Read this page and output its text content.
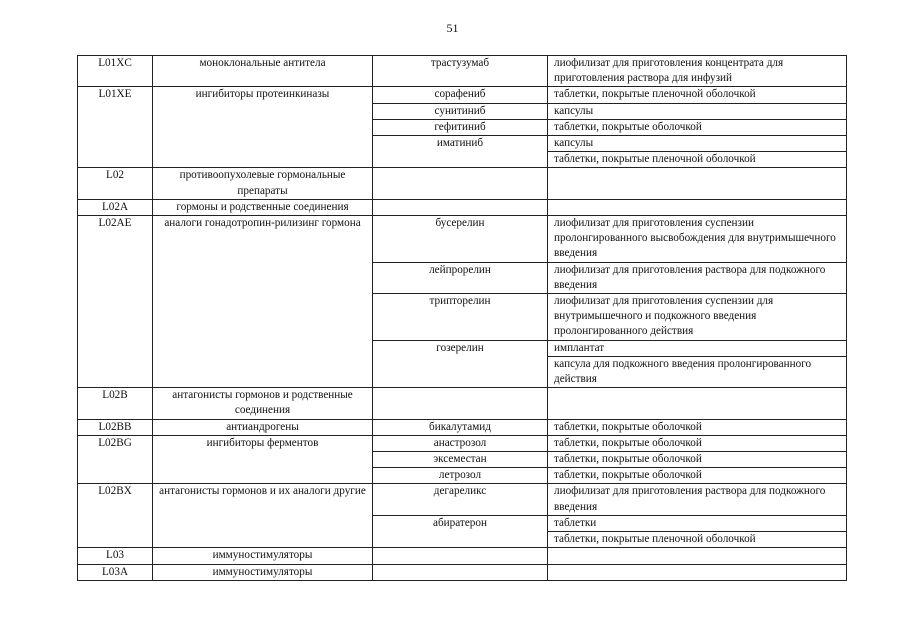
51
L01XC	моноклональные антитела	трастузумаб	лиофилизат для приготовления концентрата для приготовления раствора для инфузий
L01XE	ингибиторы протеинкиназы	сорафениб	таблетки, покрытые пленочной оболочкой
		сунитиниб	капсулы
		гефитиниб	таблетки, покрытые оболочкой
		иматиниб	капсулы
			таблетки, покрытые пленочной оболочкой
L02	противоопухолевые гормональные препараты		
L02A	гормоны и родственные соединения		
L02AE	аналоги гонадотропин-рилизинг гормона	бусерелин	лиофилизат для приготовления суспензии пролонгированного высвобождения для внутримышечного введения
		лейпрорелин	лиофилизат для приготовления раствора для подкожного введения
		трипторелин	лиофилизат для приготовления суспензии для внутримышечного и подкожного введения пролонгированного действия
		гозерелин	имплантат
			капсула для подкожного введения пролонгированного действия
L02B	антагонисты гормонов и родственные соединения		
L02BB	антиандрогены	бикалутамид	таблетки, покрытые оболочкой
L02BG	ингибиторы ферментов	анастрозол	таблетки, покрытые оболочкой
		эксеместан	таблетки, покрытые оболочкой
		летрозол	таблетки, покрытые оболочкой
L02BX	антагонисты гормонов и их аналоги другие	дегареликс	лиофилизат для приготовления раствора для подкожного введения
		абиратерон	таблетки
			таблетки, покрытые пленочной оболочкой
L03	иммуностимуляторы		
L03A	иммуностимуляторы		
